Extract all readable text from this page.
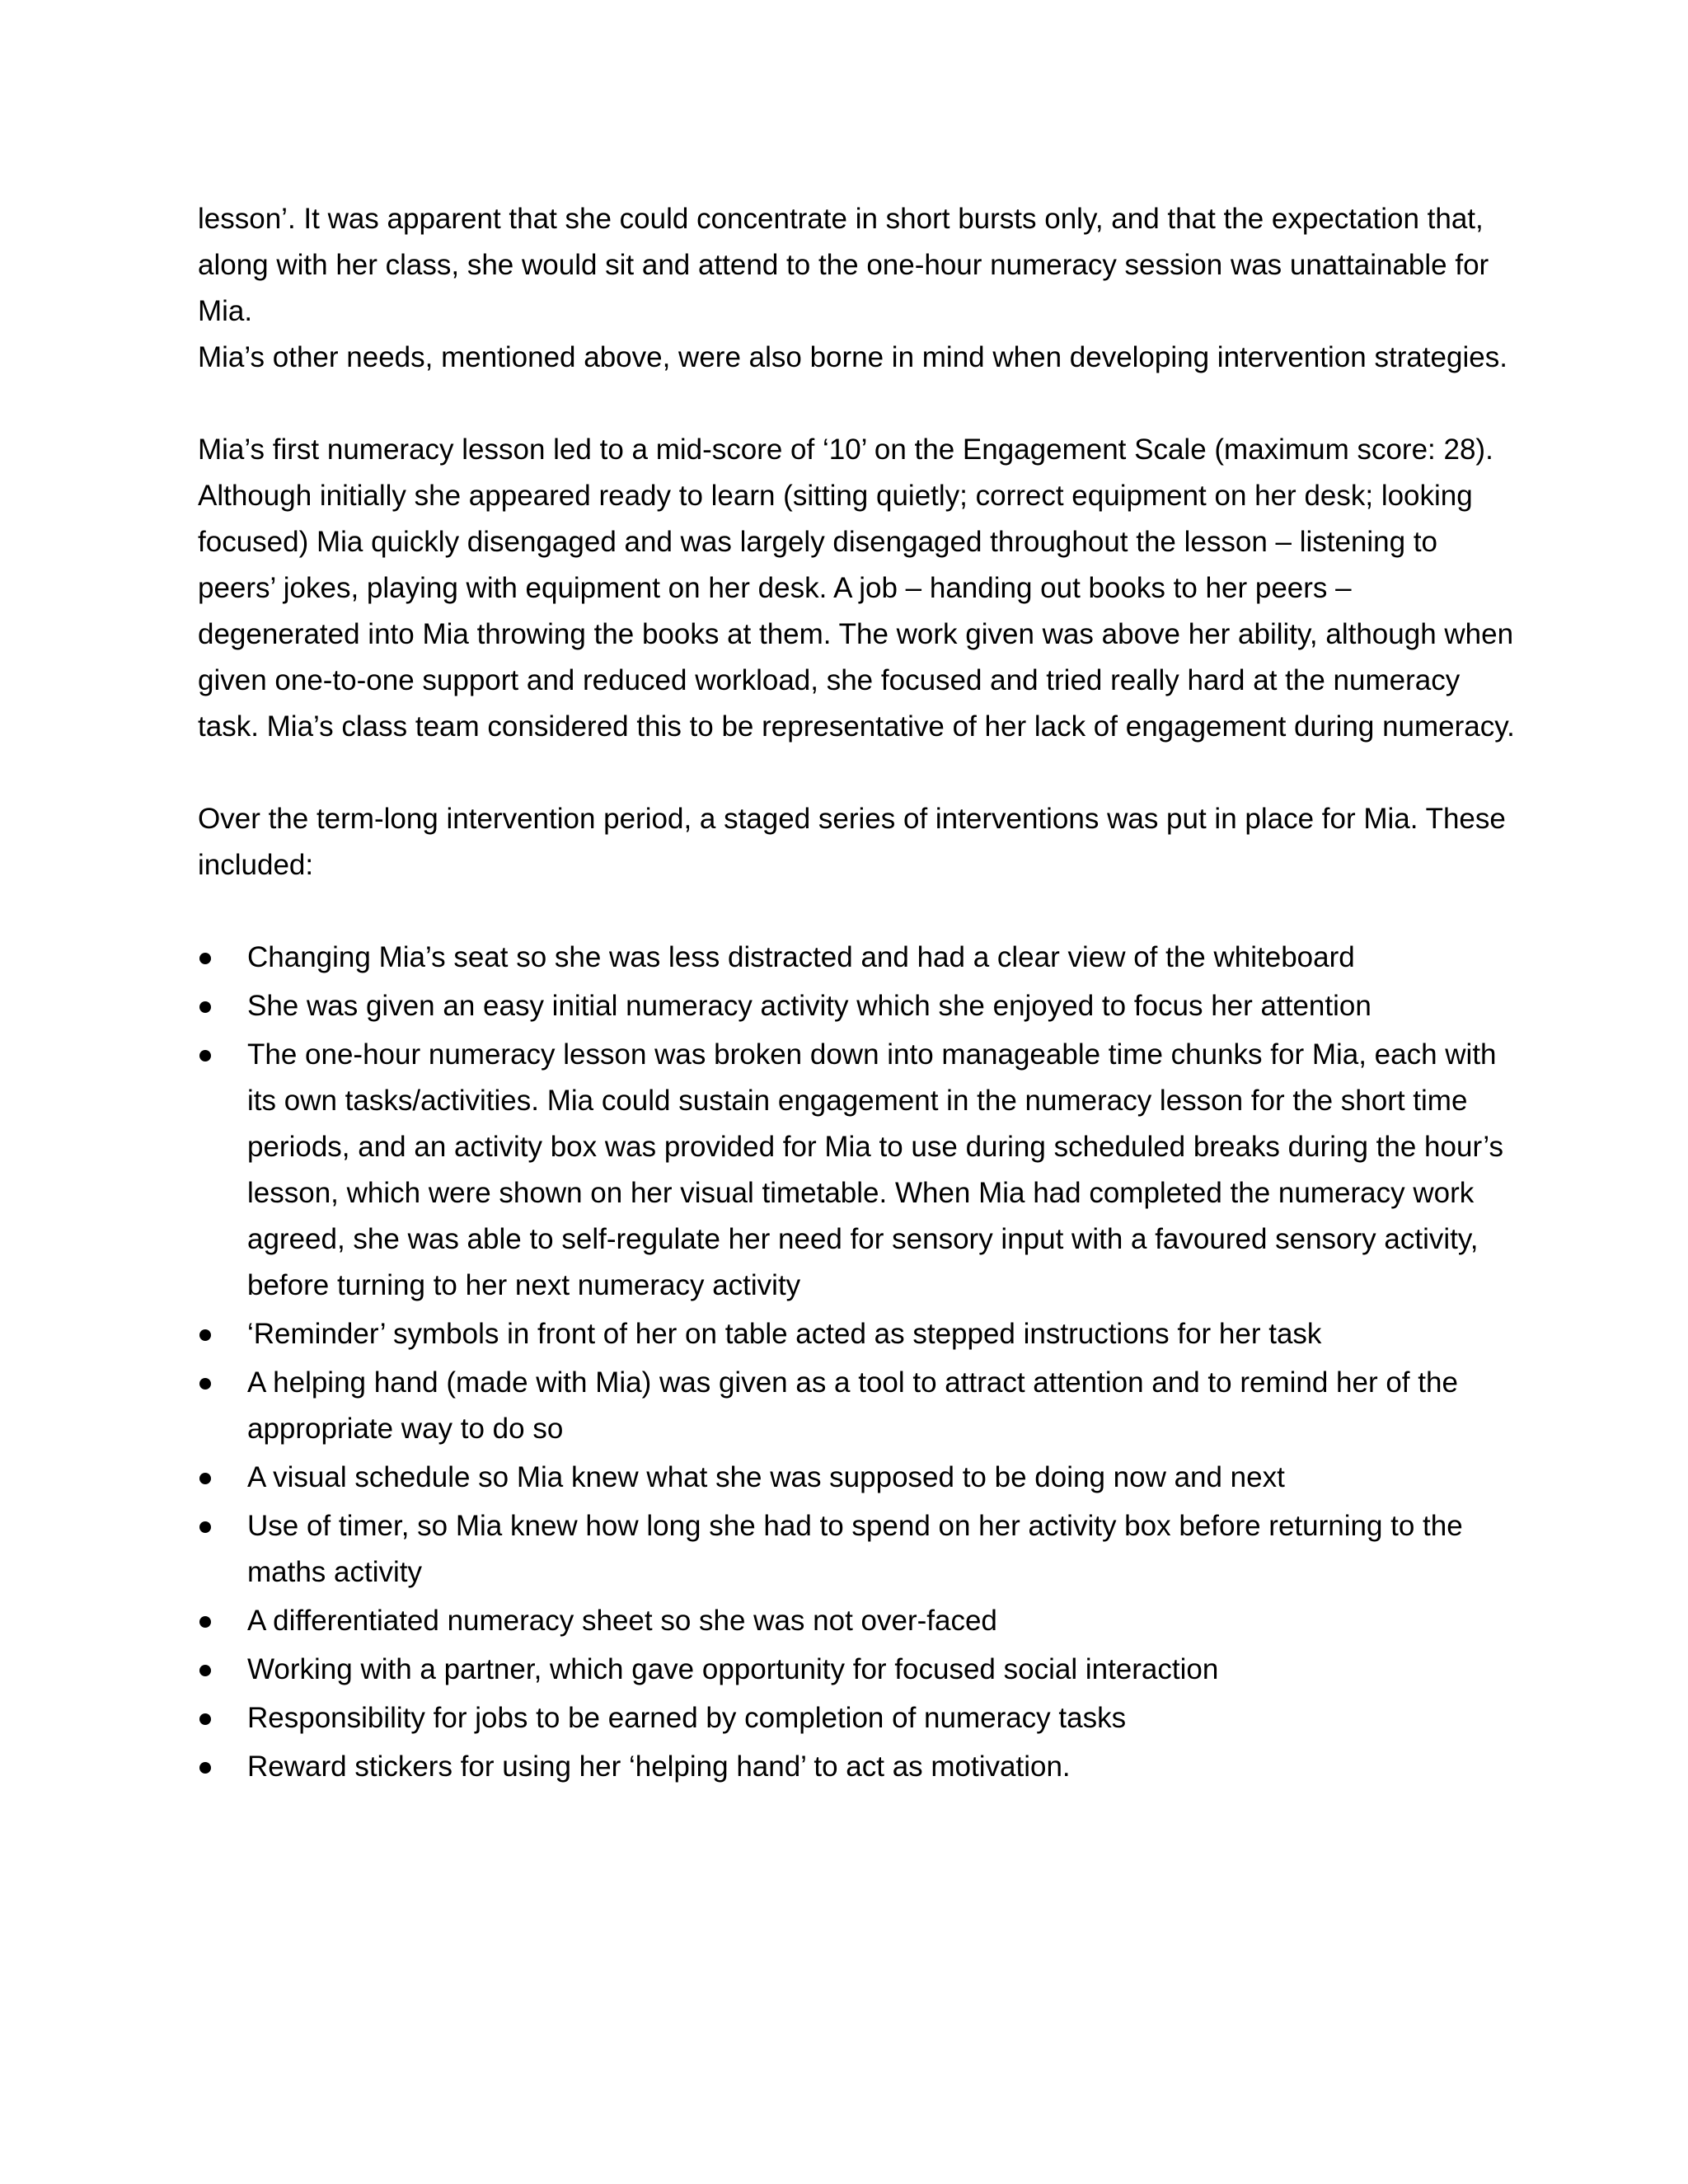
lesson’. It was apparent that she could concentrate in short bursts only, and that the expectation that, along with her class, she would sit and attend to the one-hour numeracy session was unattainable for Mia.

Mia’s other needs, mentioned above, were also borne in mind when developing intervention strategies.

Mia’s first numeracy lesson led to a mid-score of ‘10’ on the Engagement Scale (maximum score: 28). Although initially she appeared ready to learn (sitting quietly; correct equipment on her desk; looking focused) Mia quickly disengaged and was largely disengaged throughout the lesson – listening to peers’ jokes, playing with equipment on her desk. A job – handing out books to her peers – degenerated into Mia throwing the books at them. The work given was above her ability, although when given one-to-one support and reduced workload, she focused and tried really hard at the numeracy task. Mia’s class team considered this to be representative of her lack of engagement during numeracy.

Over the term-long intervention period, a staged series of interventions was put in place for Mia. These included:

Changing Mia’s seat so she was less distracted and had a clear view of the whiteboard
She was given an easy initial numeracy activity which she enjoyed to focus her attention
The one-hour numeracy lesson was broken down into manageable time chunks for Mia, each with its own tasks/activities. Mia could sustain engagement in the numeracy lesson for the short time periods, and an activity box was provided for Mia to use during scheduled breaks during the hour’s lesson, which were shown on her visual timetable. When Mia had completed the numeracy work agreed, she was able to self-regulate her need for sensory input with a favoured sensory activity, before turning to her next numeracy activity
‘Reminder’ symbols in front of her on table acted as stepped instructions for her task
A helping hand (made with Mia) was given as a tool to attract attention and to remind her of the appropriate way to do so
A visual schedule so Mia knew what she was supposed to be doing now and next
Use of timer, so Mia knew how long she had to spend on her activity box before returning to the maths activity
A differentiated numeracy sheet so she was not over-faced
Working with a partner, which gave opportunity for focused social interaction
Responsibility for jobs to be earned by completion of numeracy tasks
Reward stickers for using her ‘helping hand’ to act as motivation.
